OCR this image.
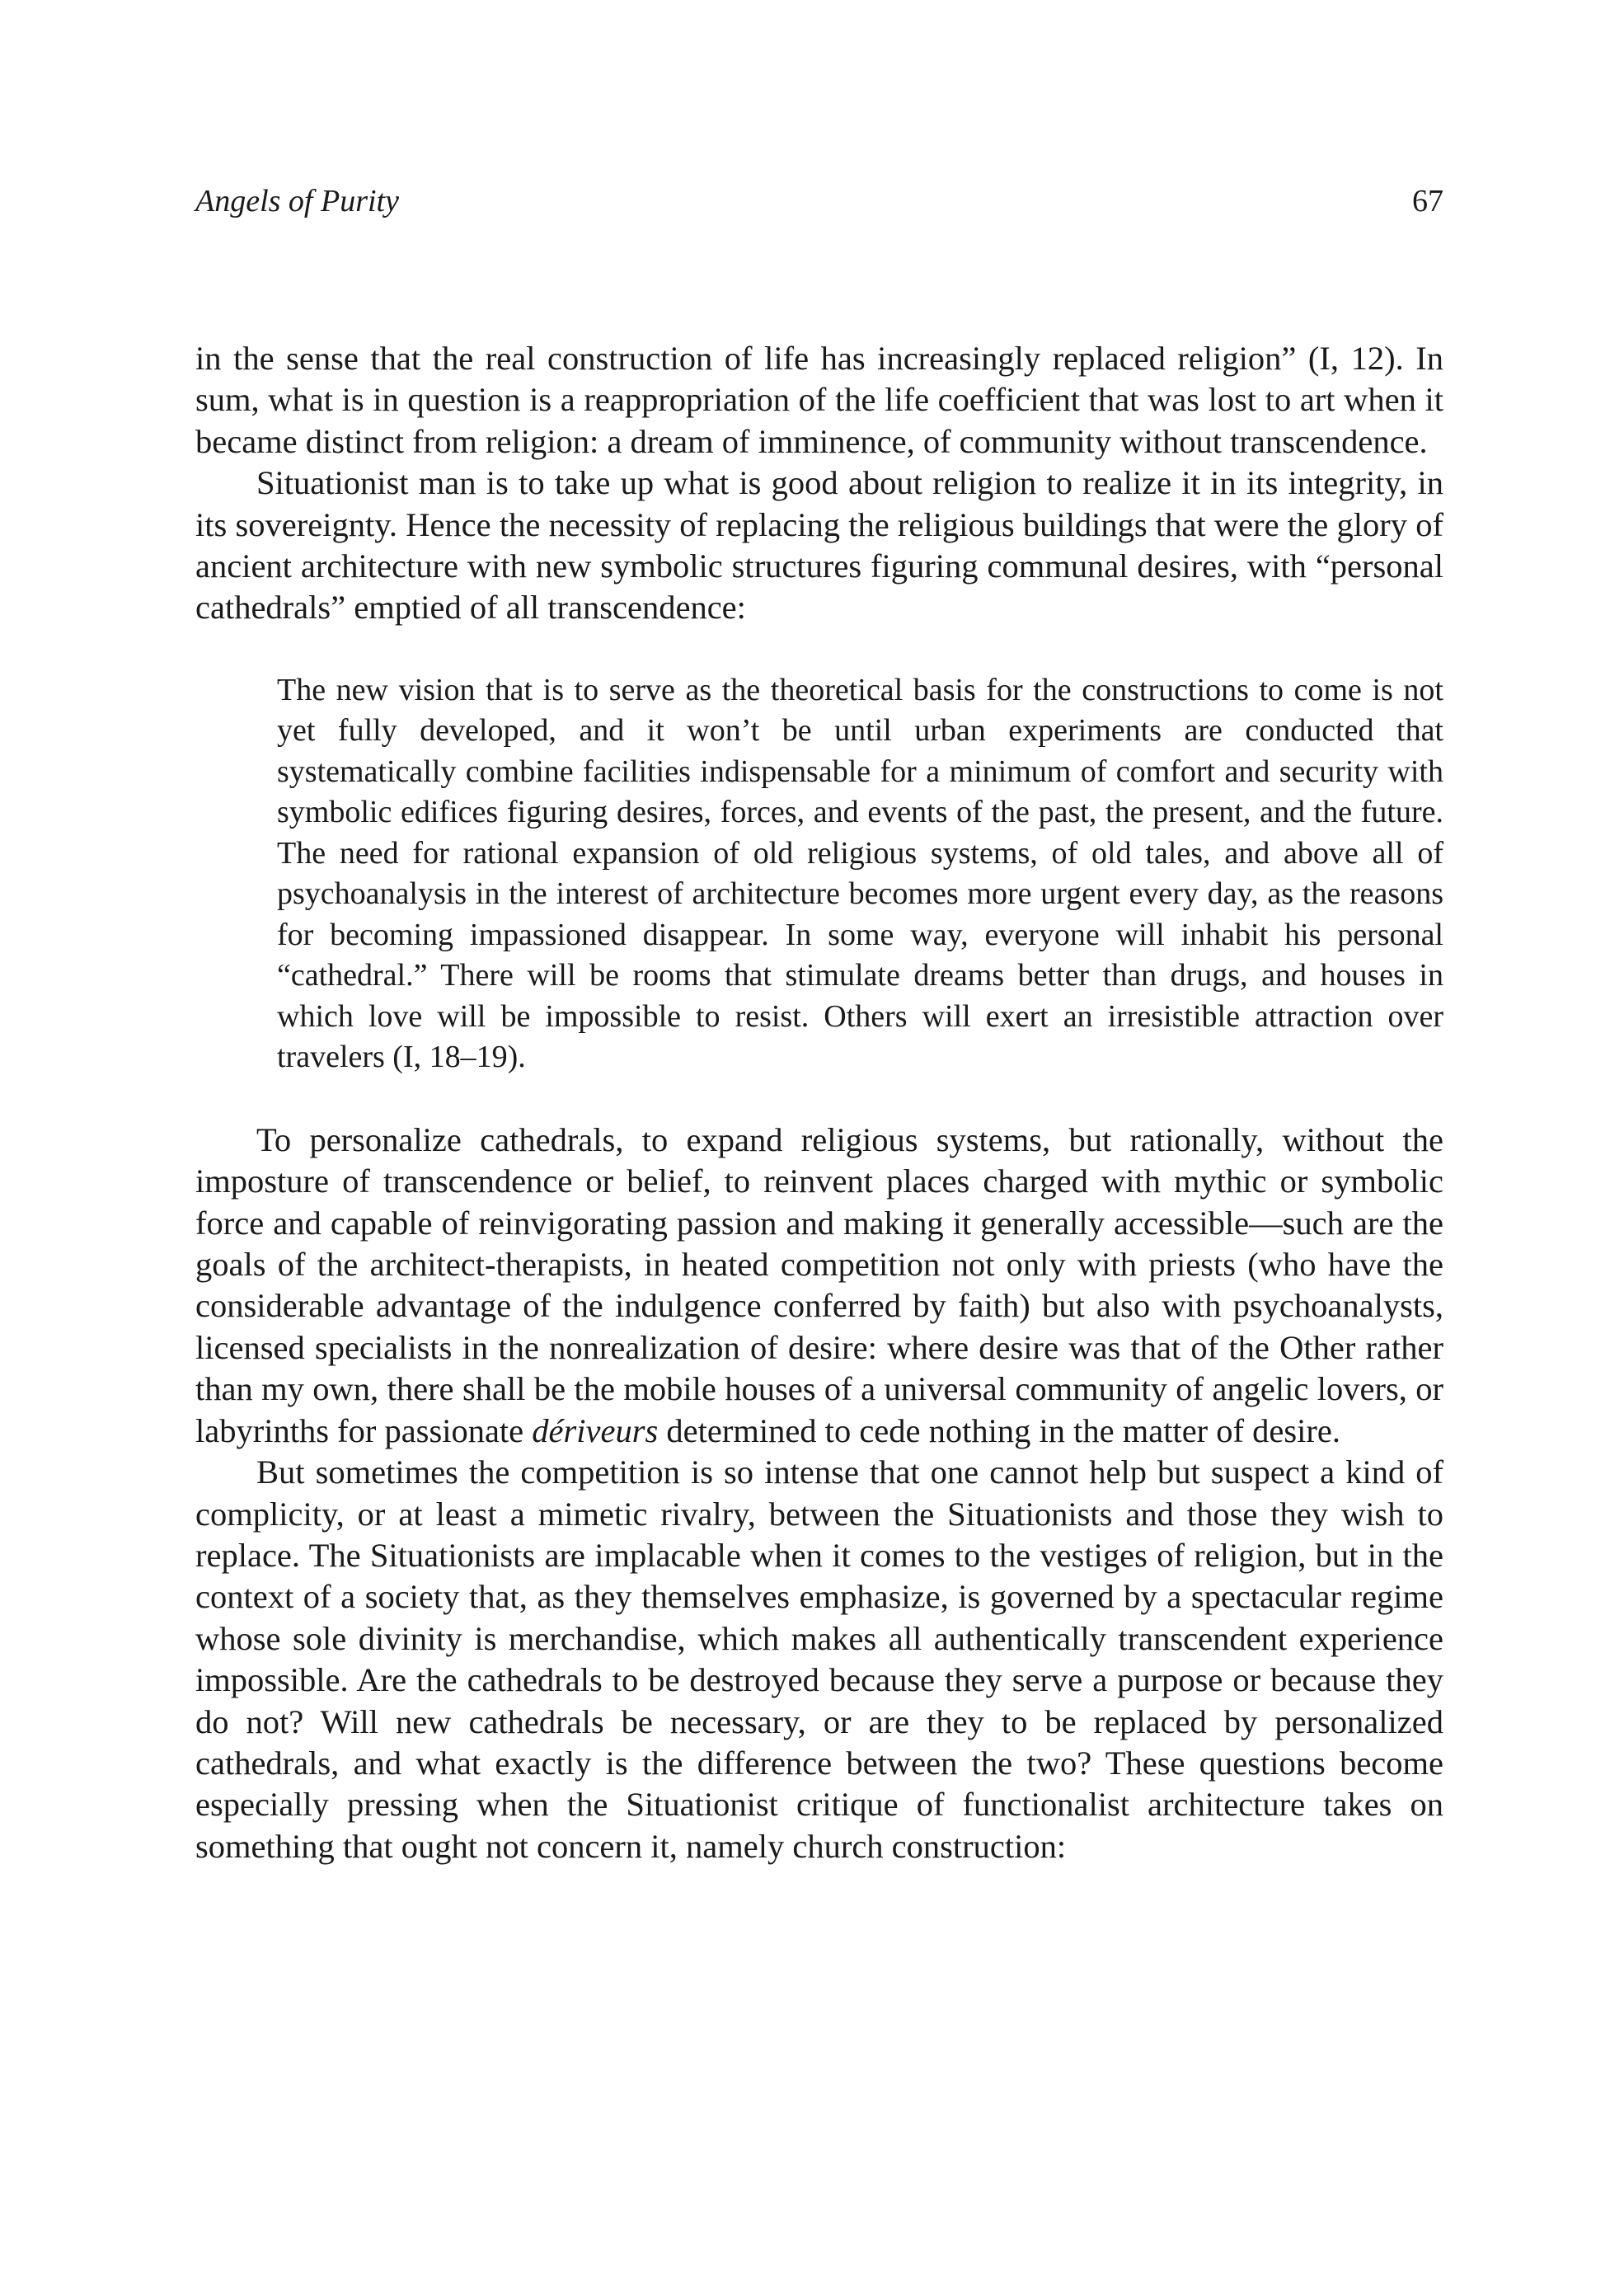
Angels of Purity	67

in the sense that the real construction of life has increasingly replaced religion” (I, 12). In sum, what is in question is a reappropriation of the life coefficient that was lost to art when it became distinct from religion: a dream of imminence, of community without transcendence.

Situationist man is to take up what is good about religion to realize it in its integrity, in its sovereignty. Hence the necessity of replacing the religious buildings that were the glory of ancient architecture with new symbolic structures figuring communal desires, with “personal cathedrals” emptied of all transcendence:

The new vision that is to serve as the theoretical basis for the constructions to come is not yet fully developed, and it won’t be until urban experiments are conducted that systematically combine facilities indispensable for a minimum of comfort and security with symbolic edifices figuring desires, forces, and events of the past, the present, and the future. The need for rational expansion of old religious systems, of old tales, and above all of psychoanalysis in the interest of architecture becomes more urgent every day, as the reasons for becoming impassioned disappear. In some way, everyone will inhabit his personal “cathedral.” There will be rooms that stimulate dreams better than drugs, and houses in which love will be impossible to resist. Others will exert an irresistible attraction over travelers (I, 18–19).

To personalize cathedrals, to expand religious systems, but rationally, without the imposture of transcendence or belief, to reinvent places charged with mythic or symbolic force and capable of reinvigorating passion and making it generally accessible—such are the goals of the architect-therapists, in heated competition not only with priests (who have the considerable advantage of the indulgence conferred by faith) but also with psychoanalysts, licensed specialists in the nonrealization of desire: where desire was that of the Other rather than my own, there shall be the mobile houses of a universal community of angelic lovers, or labyrinths for passionate dériveurs determined to cede nothing in the matter of desire.

But sometimes the competition is so intense that one cannot help but suspect a kind of complicity, or at least a mimetic rivalry, between the Situationists and those they wish to replace. The Situationists are implacable when it comes to the vestiges of religion, but in the context of a society that, as they themselves emphasize, is governed by a spectacular regime whose sole divinity is merchandise, which makes all authentically transcendent experience impossible. Are the cathedrals to be destroyed because they serve a purpose or because they do not? Will new cathedrals be necessary, or are they to be replaced by personalized cathedrals, and what exactly is the difference between the two? These questions become especially pressing when the Situationist critique of functionalist architecture takes on something that ought not concern it, namely church construction:
